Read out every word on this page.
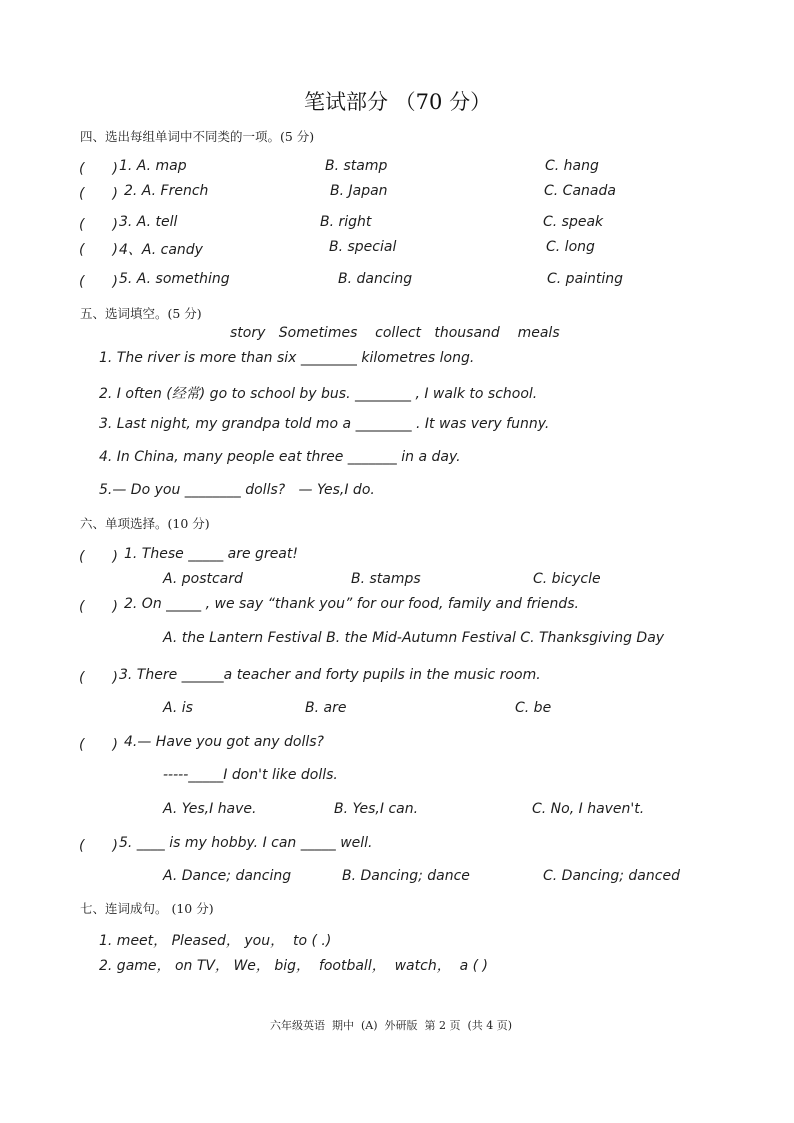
笔试部分 （70 分）
四、选出每组单词中不同类的一项。(5 分)
(　　) 1. A. map	B. stamp	C. hang
(　　) 2. A. French	B. Japan	C. Canada
(　　) 3. A. tell	B. right	C. speak
(　　) 4、A. candy	B. special	C. long
(　　) 5. A. something	B. dancing	C. painting
五、选词填空。(5 分)
story   Sometimes    collect   thousand    meals
1. The river is more than six ________ kilometres long.
2. I often (经常) go to school by bus. ________ , I walk to school.
3. Last night, my grandpa told mo a ________ . It was very funny.
4. In China, many people eat three _______ in a day.
5.— Do you ________ dolls?   — Yes,I do.
六、单项选择。(10 分)
(　　) 1. These _____ are great!
A. postcard	B. stamps	C. bicycle
(　　) 2. On _____ , we say “thank you” for our food, family and friends.
A. the Lantern Festival B. the Mid-Autumn Festival C. Thanksgiving Day
(　　) 3. There ______a teacher and forty pupils in the music room.
A. is	B. are	C. be
(　　) 4.— Have you got any dolls?
-----_____I don't like dolls.
A. Yes,I have.	B. Yes,I can.	C. No, I haven't.
(　　) 5. ____ is my hobby. I can _____ well.
A. Dance; dancing	B. Dancing; dance	C. Dancing; danced
七、连词成句。 (10 分)
1. meet， Pleased， you，  to ( .)
2. game， on TV， We， big，  football，  watch，  a ( )
六年级英语  期中  (A)  外研版  第 2 页  (共 4 页)
